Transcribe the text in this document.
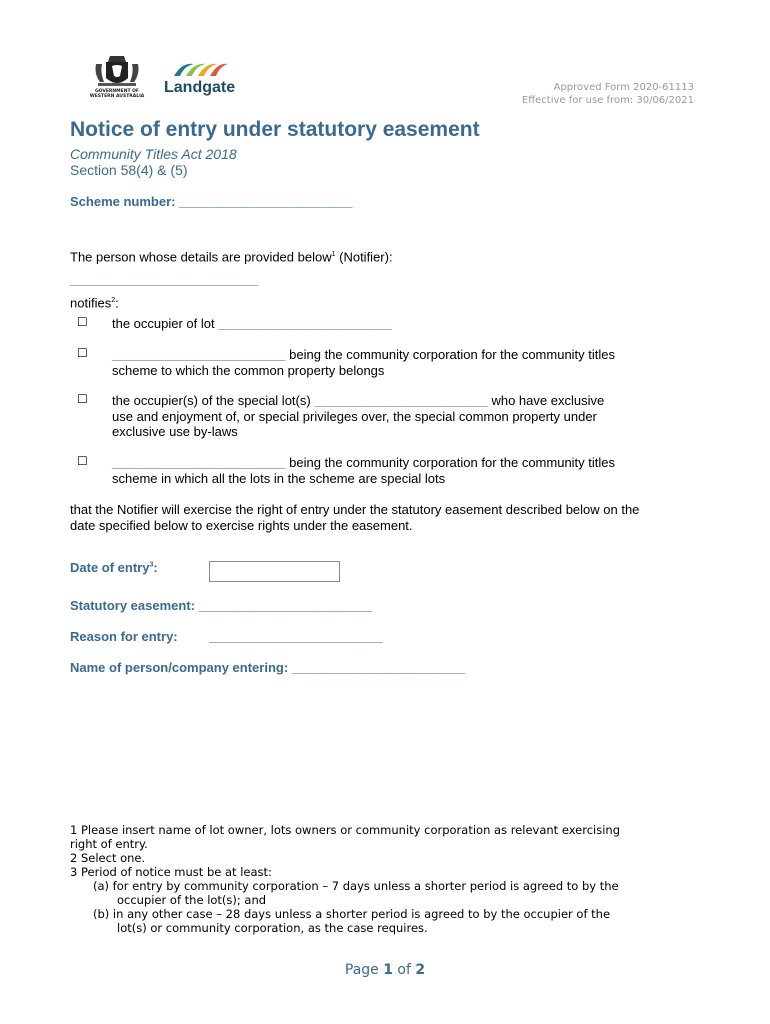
GOVERNMENT OF
WESTERN AUSTRALIA
Landgate	Approved Form 2020-61113
Effective for use from: 30/06/2021
Notice of entry under statutory easement
Community Titles Act 2018
Section 58(4) & (5)
Scheme number: ________________________
The person whose details are provided below$^1$ (Notifier):
__________________________
notifies$^2$:
☐ the occupier of lot ________________________
☐ ________________________ being the community corporation for the community titles
scheme to which the common property belongs
☐ the occupier(s) of the special lot(s) ________________________ who have exclusive
use and enjoyment of, or special privileges over, the special common property under
exclusive use by-laws
☐ ________________________ being the community corporation for the community titles
scheme in which all the lots in the scheme are special lots
that the Notifier will exercise the right of entry under the statutory easement described below on the
date specified below to exercise rights under the easement.
Date of entry$^3$:
Statutory easement: ________________________
Reason for entry: ________________________
Name of person/company entering: ________________________
1 Please insert name of lot owner, lots owners or community corporation as relevant exercising
right of entry.
2 Select one.
3 Period of notice must be at least:
(a) for entry by community corporation – 7 days unless a shorter period is agreed to by the
occupier of the lot(s); and
(b) in any other case – 28 days unless a shorter period is agreed to by the occupier of the
lot(s) or community corporation, as the case requires.
Page 1 of 2
